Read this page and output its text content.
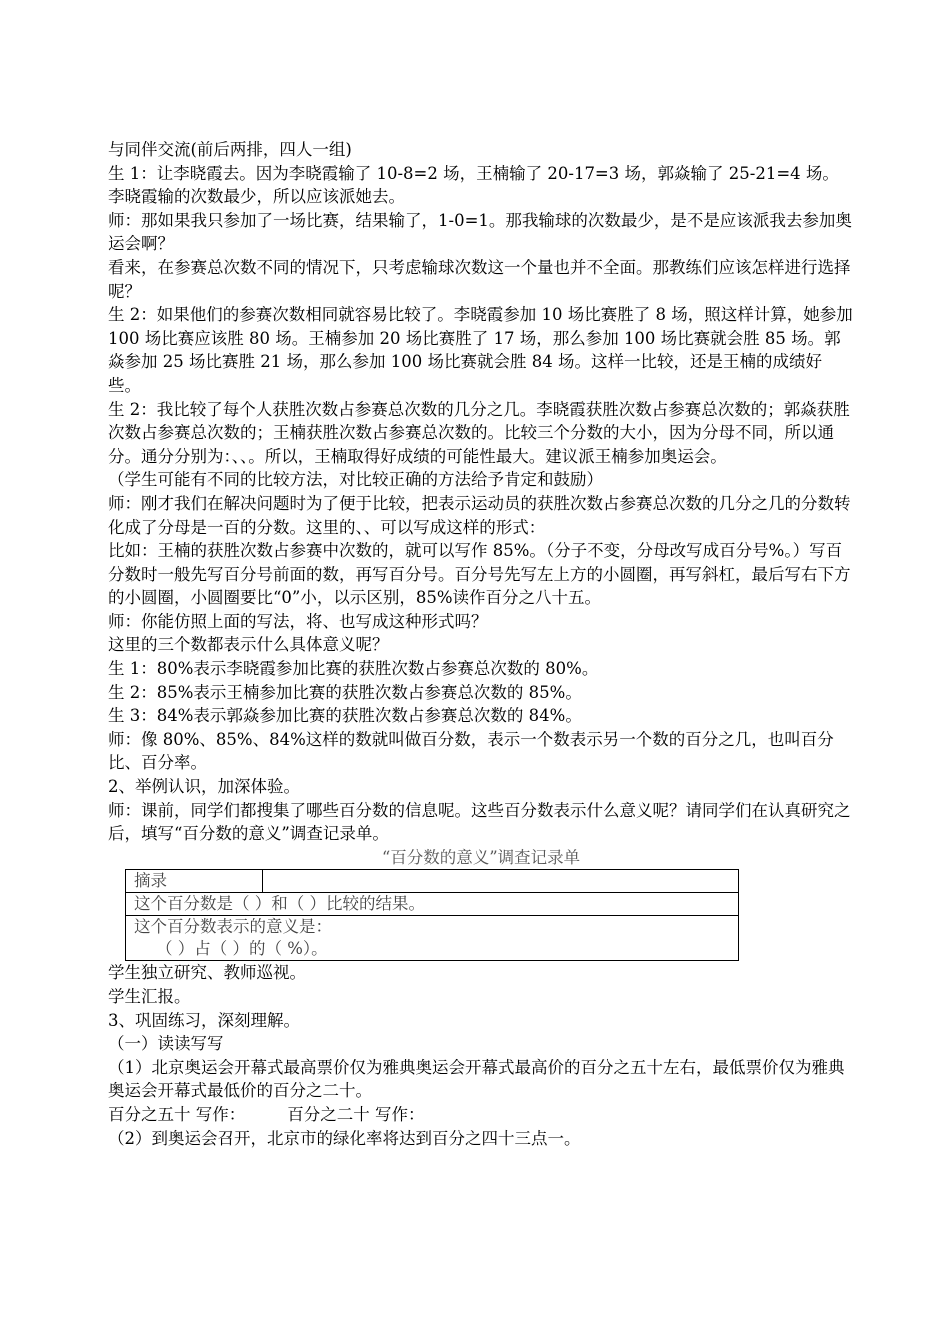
与同伴交流(前后两排，四人一组)

生 1：让李晓霞去。因为李晓霞输了 10-8=2 场，王楠输了 20-17=3 场，郭焱输了 25-21=4 场。李晓霞输的次数最少，所以应该派她去。

师：那如果我只参加了一场比赛，结果输了，1-0=1。那我输球的次数最少，是不是应该派我去参加奥运会啊？

看来，在参赛总次数不同的情况下，只考虑输球次数这一个量也并不全面。那教练们应该怎样进行选择呢？

生 2：如果他们的参赛次数相同就容易比较了。李晓霞参加 10 场比赛胜了 8 场，照这样计算，她参加 100 场比赛应该胜 80 场。王楠参加 20 场比赛胜了 17 场，那么参加 100 场比赛就会胜 85 场。郭焱参加 25 场比赛胜 21 场，那么参加 100 场比赛就会胜 84 场。这样一比较，还是王楠的成绩好些。

生 2：我比较了每个人获胜次数占参赛总次数的几分之几。李晓霞获胜次数占参赛总次数的；郭焱获胜次数占参赛总次数的；王楠获胜次数占参赛总次数的。比较三个分数的大小，因为分母不同，所以通分。通分分别为：、、。所以，王楠取得好成绩的可能性最大。建议派王楠参加奥运会。

（学生可能有不同的比较方法，对比较正确的方法给予肯定和鼓励）

师：刚才我们在解决问题时为了便于比较，把表示运动员的获胜次数占参赛总次数的几分之几的分数转化成了分母是一百的分数。这里的、、可以写成这样的形式：

比如：王楠的获胜次数占参赛中次数的，就可以写作 85%。（分子不变，分母改写成百分号%。）写百分数时一般先写百分号前面的数，再写百分号。百分号先写左上方的小圆圈，再写斜杠，最后写右下方的小圆圈，小圆圈要比“0”小，以示区别，85%读作百分之八十五。

师：你能仿照上面的写法，将、也写成这种形式吗？

这里的三个数都表示什么具体意义呢？

生 1：80%表示李晓霞参加比赛的获胜次数占参赛总次数的 80%。

生 2：85%表示王楠参加比赛的获胜次数占参赛总次数的 85%。

生 3：84%表示郭焱参加比赛的获胜次数占参赛总次数的 84%。

师：像 80%、85%、84%这样的数就叫做百分数，表示一个数表示另一个数的百分之几，也叫百分比、百分率。

2、举例认识，加深体验。

师：课前，同学们都搜集了哪些百分数的信息呢。这些百分数表示什么意义呢？请同学们在认真研究之后，填写“百分数的意义”调查记录单。

“百分数的意义”调查记录单

摘录	
这个百分数是（ ）和（ ）比较的结果。
这个百分数表示的意义是：
（ ）占（ ）的（ %）。

学生独立研究、教师巡视。

学生汇报。

3、巩固练习，深刻理解。

（一）读读写写

（1）北京奥运会开幕式最高票价仅为雅典奥运会开幕式最高价的百分之五十左右，最低票价仅为雅典奥运会开幕式最低价的百分之二十。

百分之五十 写作：        百分之二十 写作：

（2）到奥运会召开，北京市的绿化率将达到百分之四十三点一。
